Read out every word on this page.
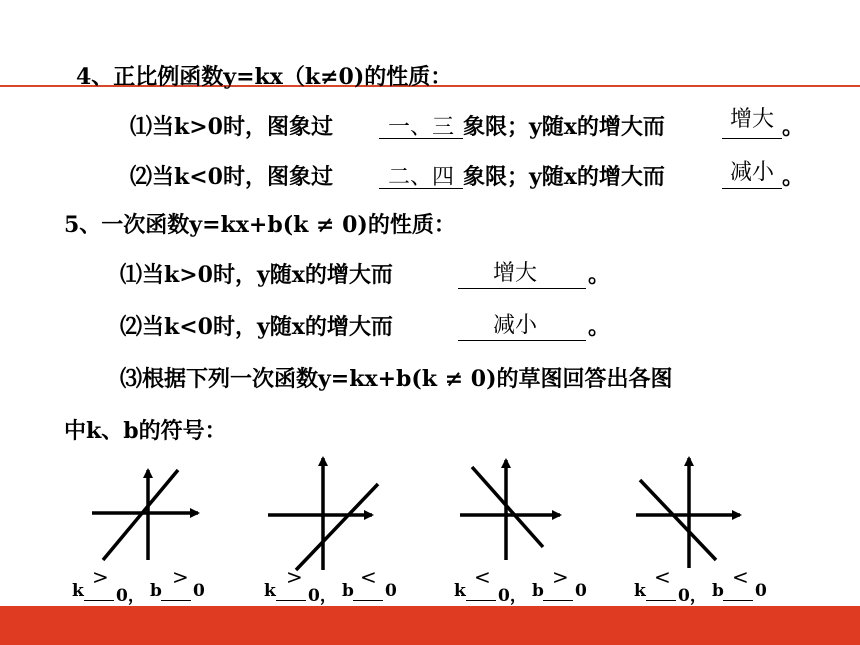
4、正比例函数y=kx（k≠0)的性质：
⑴当k>0时，图象过	一、三 象限；y随x的增大而	增大 。
⑵当k<0时，图象过	二、四 象限；y随x的增大而	减小 。
5、一次函数y=kx+b(k ≠ 0)的性质：
⑴当k>0时，y随x的增大而	增大	。
⑵当k<0时，y随x的增大而	减小	。
⑶根据下列一次函数y=kx+b(k ≠ 0)的草图回答出各图
中k、b的符号：
k
>
0， b
>
0	k
>
0， b
<
0	k
<
0， b
>
0	k
<
0， b
<
0
